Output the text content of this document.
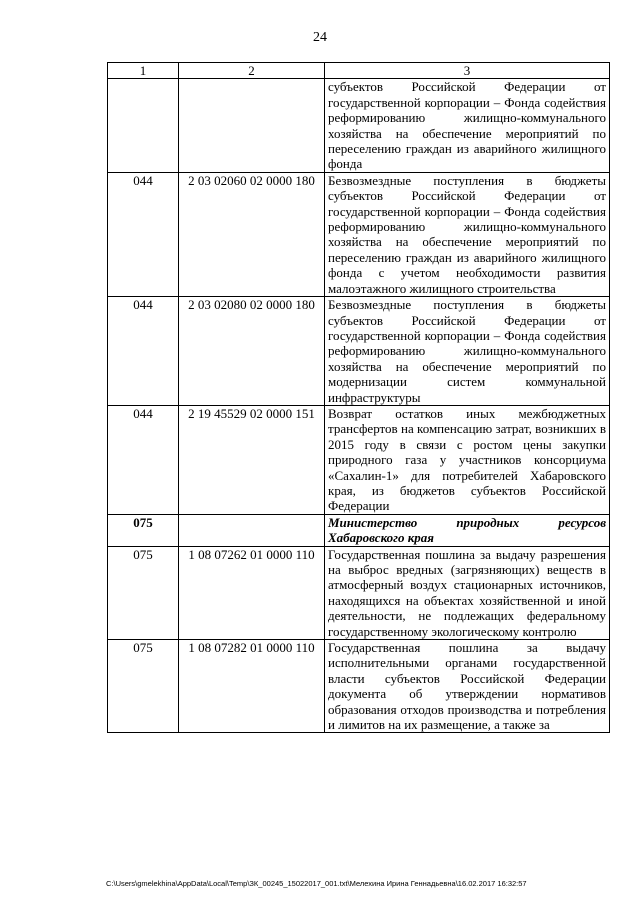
24
1	2	3
		субъектов Российской Федерации от государственной корпорации – Фонда содействия реформированию жилищно-коммунального хозяйства на обеспечение мероприятий по переселению граждан из аварийного жилищного фонда
044	2 03 02060 02 0000 180	Безвозмездные поступления в бюджеты субъектов Российской Федерации от государственной корпорации – Фонда содействия реформированию жилищно-коммунального хозяйства на обеспечение мероприятий по переселению граждан из аварийного жилищного фонда с учетом необходимости развития малоэтажного жилищного строительства
044	2 03 02080 02 0000 180	Безвозмездные поступления в бюджеты субъектов Российской Федерации от государственной корпорации – Фонда содействия реформированию жилищно-коммунального хозяйства на обеспечение мероприятий по модернизации систем коммунальной инфраструктуры
044	2 19 45529 02 0000 151	Возврат остатков иных межбюджетных трансфертов на компенсацию затрат, возникших в 2015 году в связи с ростом цены закупки природного газа у участников консорциума «Сахалин-1» для потребителей Хабаровского края, из бюджетов субъектов Российской Федерации
075		Министерство природных ресурсов Хабаровского края
075	1 08 07262 01 0000 110	Государственная пошлина за выдачу разрешения на выброс вредных (загрязняющих) веществ в атмосферный воздух стационарных источников, находящихся на объектах хозяйственной и иной деятельности, не подлежащих федеральному государственному экологическому контролю
075	1 08 07282 01 0000 110	Государственная пошлина за выдачу исполнительными органами государственной власти субъектов Российской Федерации документа об утверждении нормативов образования отходов производства и потребления и лимитов на их размещение, а также за
C:\Users\gmelekhina\AppData\Local\Temp\ЗК_00245_15022017_001.txt\Мелехина Ирина Геннадьевна\16.02.2017 16:32:57
